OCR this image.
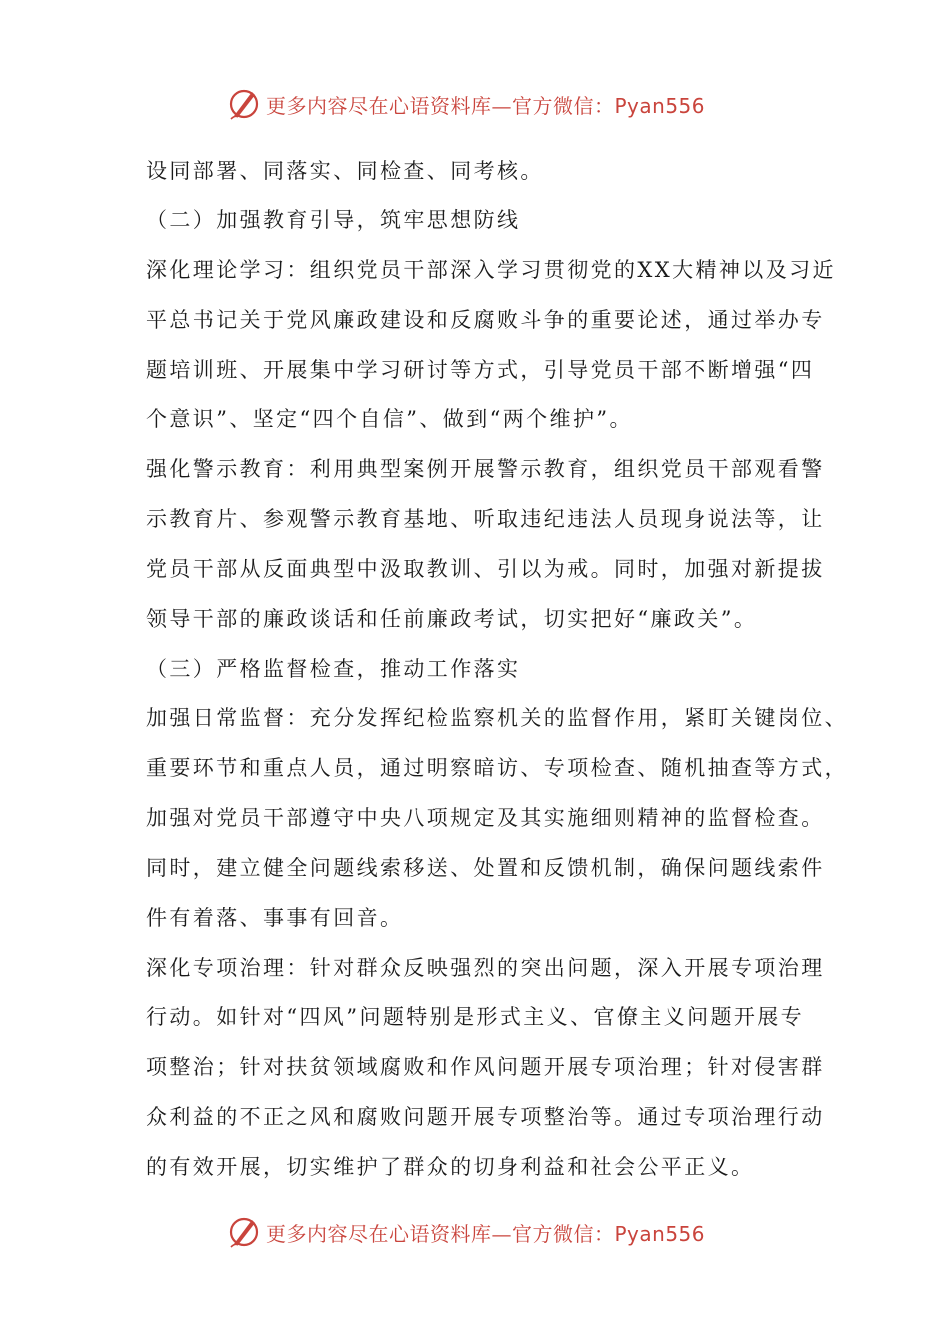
更多内容尽在心语资料库—官方微信：Pyan556
设同部署、同落实、同检查、同考核。
（二）加强教育引导，筑牢思想防线
深化理论学习：组织党员干部深入学习贯彻党的XX大精神以及习近
平总书记关于党风廉政建设和反腐败斗争的重要论述，通过举办专
题培训班、开展集中学习研讨等方式，引导党员干部不断增强“四
个意识”、坚定“四个自信”、做到“两个维护”。
强化警示教育：利用典型案例开展警示教育，组织党员干部观看警
示教育片、参观警示教育基地、听取违纪违法人员现身说法等，让
党员干部从反面典型中汲取教训、引以为戒。同时，加强对新提拔
领导干部的廉政谈话和任前廉政考试，切实把好“廉政关”。
（三）严格监督检查，推动工作落实
加强日常监督：充分发挥纪检监察机关的监督作用，紧盯关键岗位、
重要环节和重点人员，通过明察暗访、专项检查、随机抽查等方式，
加强对党员干部遵守中央八项规定及其实施细则精神的监督检查。
同时，建立健全问题线索移送、处置和反馈机制，确保问题线索件
件有着落、事事有回音。
深化专项治理：针对群众反映强烈的突出问题，深入开展专项治理
行动。如针对“四风”问题特别是形式主义、官僚主义问题开展专
项整治；针对扶贫领域腐败和作风问题开展专项治理；针对侵害群
众利益的不正之风和腐败问题开展专项整治等。通过专项治理行动
的有效开展，切实维护了群众的切身利益和社会公平正义。
更多内容尽在心语资料库—官方微信：Pyan556
